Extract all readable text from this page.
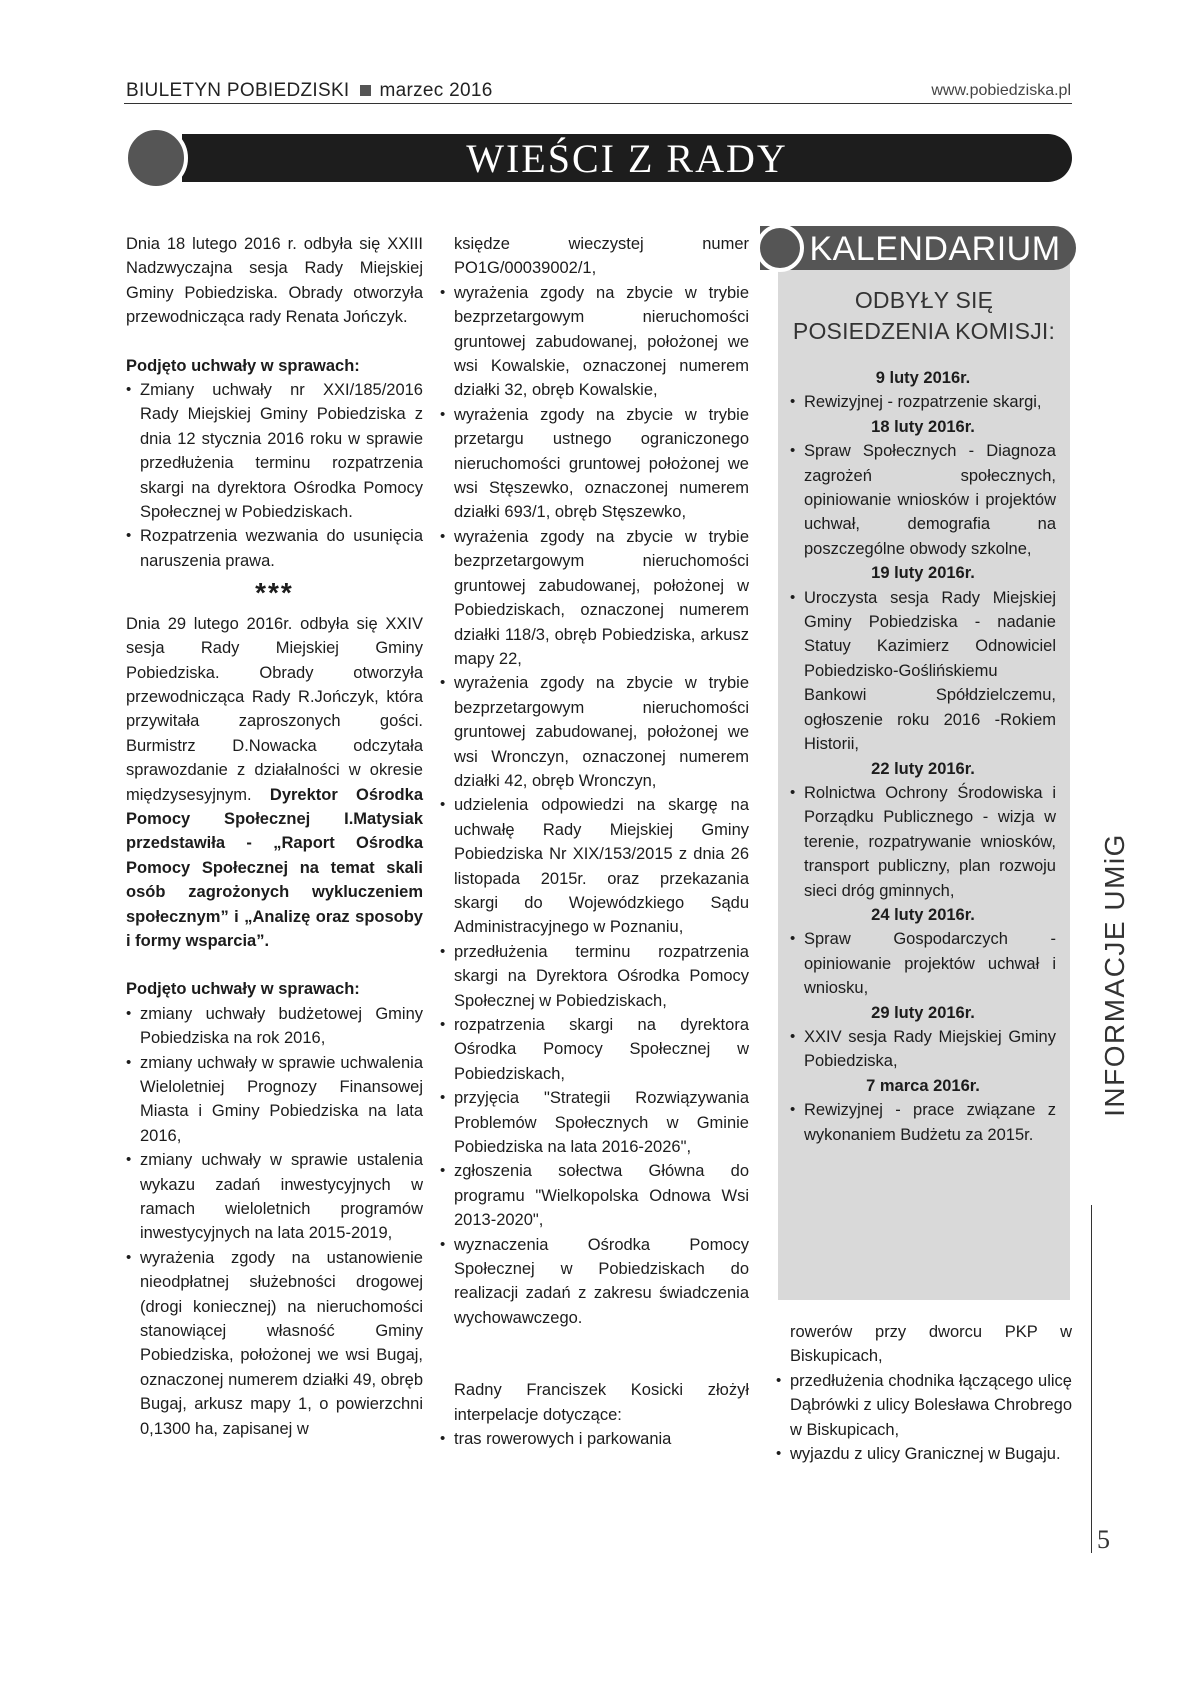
BIULETYN POBIEDZISKI marzec 2016	www.pobiedziska.pl
WIEŚCI Z RADY

Dnia 18 lutego 2016 r. odbyła się XXIII Nadzwyczajna sesja Rady Miejskiej Gminy Pobiedziska. Obrady otworzyła przewodnicząca rady Renata Jończyk.

Podjęto uchwały w sprawach:

• Zmiany uchwały nr XXI/185/2016 Rady Miejskiej Gminy Pobiedziska z dnia 12 stycznia 2016 roku w sprawie przedłużenia terminu rozpatrzenia skargi na dyrektora Ośrodka Pomocy Społecznej w Pobiedziskach.
• Rozpatrzenia wezwania do usunięcia naruszenia prawa.
***

Dnia 29 lutego 2016r. odbyła się XXIV sesja Rady Miejskiej Gminy Pobiedziska. Obrady otworzyła przewodnicząca Rady R.Jończyk, która przywitała zaproszonych gości. Burmistrz D.Nowacka odczytała sprawozdanie z działalności w okresie międzysesyjnym. Dyrektor Ośrodka Pomocy Społecznej I.Matysiak przedstawiła - „Raport Ośrodka Pomocy Społecznej na temat skali osób zagrożonych wykluczeniem społecznym” i „Analizę oraz sposoby i formy wsparcia”.

Podjęto uchwały w sprawach:

• zmiany uchwały budżetowej Gminy Pobiedziska na rok 2016,
• zmiany uchwały w sprawie uchwalenia Wieloletniej Prognozy Finansowej Miasta i Gminy Pobiedziska na lata 2016,
• zmiany uchwały w sprawie ustalenia wykazu zadań inwestycyjnych w ramach wieloletnich programów inwestycyjnych na lata 2015-2019,
• wyrażenia zgody na ustanowienie nieodpłatnej służebności drogowej (drogi koniecznej) na nieruchomości stanowiącej własność Gminy Pobiedziska, położonej we wsi Bugaj, oznaczonej numerem działki 49, obręb Bugaj, arkusz mapy 1, o powierzchni 0,1300 ha, zapisanej w

księdze wieczystej numer PO1G/00039002/1,

• wyrażenia zgody na zbycie w trybie bezprzetargowym nieruchomości gruntowej zabudowanej, położonej we wsi Kowalskie, oznaczonej numerem działki 32, obręb Kowalskie,
• wyrażenia zgody na zbycie w trybie przetargu ustnego ograniczonego nieruchomości gruntowej położonej we wsi Stęszewko, oznaczonej numerem działki 693/1, obręb Stęszewko,
• wyrażenia zgody na zbycie w trybie bezprzetargowym nieruchomości gruntowej zabudowanej, położonej w Pobiedziskach, oznaczonej numerem działki 118/3, obręb Pobiedziska, arkusz mapy 22,
• wyrażenia zgody na zbycie w trybie bezprzetargowym nieruchomości gruntowej zabudowanej, położonej we wsi Wronczyn, oznaczonej numerem działki 42, obręb Wronczyn,
• udzielenia odpowiedzi na skargę na uchwałę Rady Miejskiej Gminy Pobiedziska Nr XIX/153/2015 z dnia 26 listopada 2015r. oraz przekazania skargi do Wojewódzkiego Sądu Administracyjnego w Poznaniu,
• przedłużenia terminu rozpatrzenia skargi na Dyrektora Ośrodka Pomocy Społecznej w Pobiedziskach,
• rozpatrzenia skargi na dyrektora Ośrodka Pomocy Społecznej w Pobiedziskach,
• przyjęcia "Strategii Rozwiązywania Problemów Społecznych w Gminie Pobiedziska na lata 2016-2026",
• zgłoszenia sołectwa Główna do programu "Wielkopolska Odnowa Wsi 2013-2020",
• wyznaczenia Ośrodka Pomocy Społecznej w Pobiedziskach do realizacji zadań z zakresu świadczenia wychowawczego.

Radny Franciszek Kosicki złożył interpelacje dotyczące:

• tras rowerowych i parkowania
KALENDARIUM
ODBYŁY SIĘ POSIEDZENIA KOMISJI:

9 luty 2016r.

• Rewizyjnej - rozpatrzenie skargi,

18 luty 2016r.

• Spraw Społecznych - Diagnoza zagrożeń społecznych, opiniowanie wniosków i projektów uchwał, demografia na poszczególne obwody szkolne,

19 luty 2016r.

• Uroczysta sesja Rady Miejskiej Gminy Pobiedziska - nadanie Statuy Kazimierz Odnowiciel Pobiedzisko-Goślińskiemu Bankowi Spółdzielczemu, ogłoszenie roku 2016 -Rokiem Historii,

22 luty 2016r.

• Rolnictwa Ochrony Środowiska i Porządku Publicznego - wizja w terenie, rozpatrywanie wniosków, transport publiczny, plan rozwoju sieci dróg gminnych,

24 luty 2016r.

• Spraw Gospodarczych - opiniowanie projektów uchwał i wniosku,

29 luty 2016r.

• XXIV sesja Rady Miejskiej Gminy Pobiedziska,

7 marca 2016r.

• Rewizyjnej - prace związane z wykonaniem Budżetu za 2015r.

rowerów przy dworcu PKP w Biskupicach,

• przedłużenia chodnika łączącego ulicę Dąbrówki z ulicy Bolesława Chrobrego w Biskupicach,
• wyjazdu z ulicy Granicznej w Bugaju.
INFORMACJE UMiG
5
